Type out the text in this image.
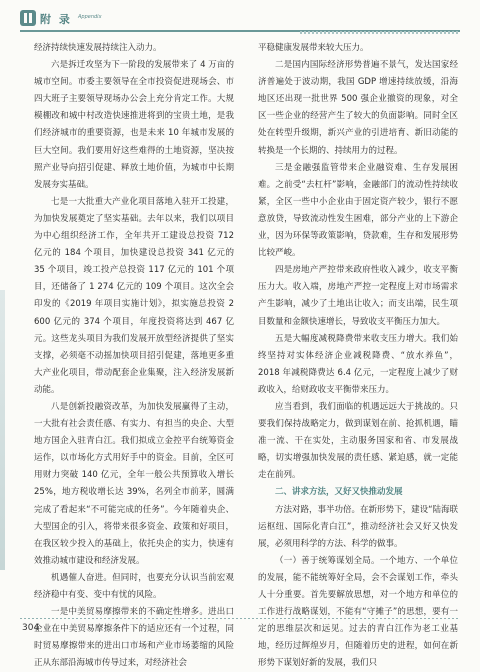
附 录 Appendix

经济持续快速发展持续注入动力。

六是拆迁攻坚为下一阶段的发展带来了 4 万亩的城市空间。市委主要领导在全市投资促进现场会、市四大班子主要领导现场办公会上充分肯定工作。大规模棚改和城中村改造快速推进将到的宝贵土地，是我们经济城市的重要资源，也是未来 10 年城市发展的巨大空间。我们要用好这些难得的土地资源，坚决按照产业导向招引促建、释放土地价值，为城市中长期发展夯实基础。

七是一大批重大产业化项目落地入驻开工投建，为加快发展奠定了坚实基础。去年以来，我们以项目为中心组织经济工作，全年共开工建设总投资 712 亿元的 184 个项目，加快建设总投资 341 亿元的 35 个项目，竣工投产总投资 117 亿元的 101 个项目，还储备了 1 274 亿元的 109 个项目。这次全会印发的《2019 年项目实施计划》，拟实施总投资 2 600 亿元的 374 个项目，年度投资将达到 467 亿元。这些龙头项目为我们发展开放型经济提供了坚实支撑，必须毫不动摇加快项目招引促建，落地更多重大产业化项目，带动配套企业集聚，注入经济发展新动能。

八是创新投融资改革，为加快发展赢得了主动，一大批有社会责任感、有实力、有担当的央企、大型地方国企入驻青白江。我们拟成立金控平台统筹资金运作，以市场化方式用好手中的资金。目前，全区可用财力突破 140 亿元，全年一般公共预算收入增长 25%，地方税收增长达 39%，名列全市前茅，圆满完成了看起来“不可能完成的任务”。今年随着央企、大型国企的引入，将带来很多资金、政策和好项目，在我区较少投入的基础上，依托央企的实力，快速有效推动城市建设和经济发展。

机遇催人奋进。但同时，也要充分认识当前宏观经济稳中有变、变中有忧的风险。

一是中美贸易摩擦带来的不确定性增多。进出口企业在中美贸易摩擦条件下的适应还有一个过程，同时贸易摩擦带来的进出口市场和产业市场萎缩的风险正从东部沿海城市传导过来，对经济社会

平稳健康发展带来较大压力。

二是国内国际经济形势普遍不景气，发达国家经济普遍处于波动期，我国 GDP 增速持续放缓，沿海地区还出现一批世界 500 强企业撤资的现象，对全区一些企业的经营产生了较大的负面影响。同时全区处在转型升级期，新兴产业的引进培育、新旧动能的转换是一个长期的、持续用力的过程。

三是金融强监管带来企业融资难、生存发展困难。之前受“去杠杆”影响，金融部门的流动性持续收紧，全区一些中小企业由于固定资产较少，银行不愿意放贷，导致流动性发生困难，部分产业的上下游企业，因为环保等政策影响，贷款难，生存和发展形势比较严峻。

四是房地产严控带来政府性收入减少，收支平衡压力大。收入端，房地产严控一定程度上对市场需求产生影响，减少了土地出让收入；而支出端，民生项目数量和金额快速增长，导致收支平衡压力加大。

五是大幅度减税降费带来收支压力增大。我们始终坚持对实体经济企业减税降费、“放水养鱼”，2018 年减税降费达 6.4 亿元，一定程度上减少了财政收入，给财政收支平衡带来压力。

应当看到，我们面临的机遇远远大于挑战的。只要我们保持战略定力，做到谋划在前、抢抓机遇，瞄准一流、干在实处，主动服务国家和省、市发展战略，切实增强加快发展的责任感、紧迫感，就一定能走在前列。

二、讲求方法，又好又快推动发展

方法对路，事半功倍。在新形势下，建设“陆海联运枢纽、国际化青白江”，推动经济社会又好又快发展，必须用科学的方法、科学的做事。

（一）善于统筹谋划全局。一个地方、一个单位的发展，能不能统筹好全局，会不会谋划工作，牵头人十分重要。首先要解放思想，对一个地方和单位的工作进行战略谋划，不能有“守摊子”的思想，要有一定的思维层次和远见。过去的青白江作为老工业基地，经历过辉煌岁月，但随着历史的进程，如何在新形势下谋划好新的发展，我们只

304
